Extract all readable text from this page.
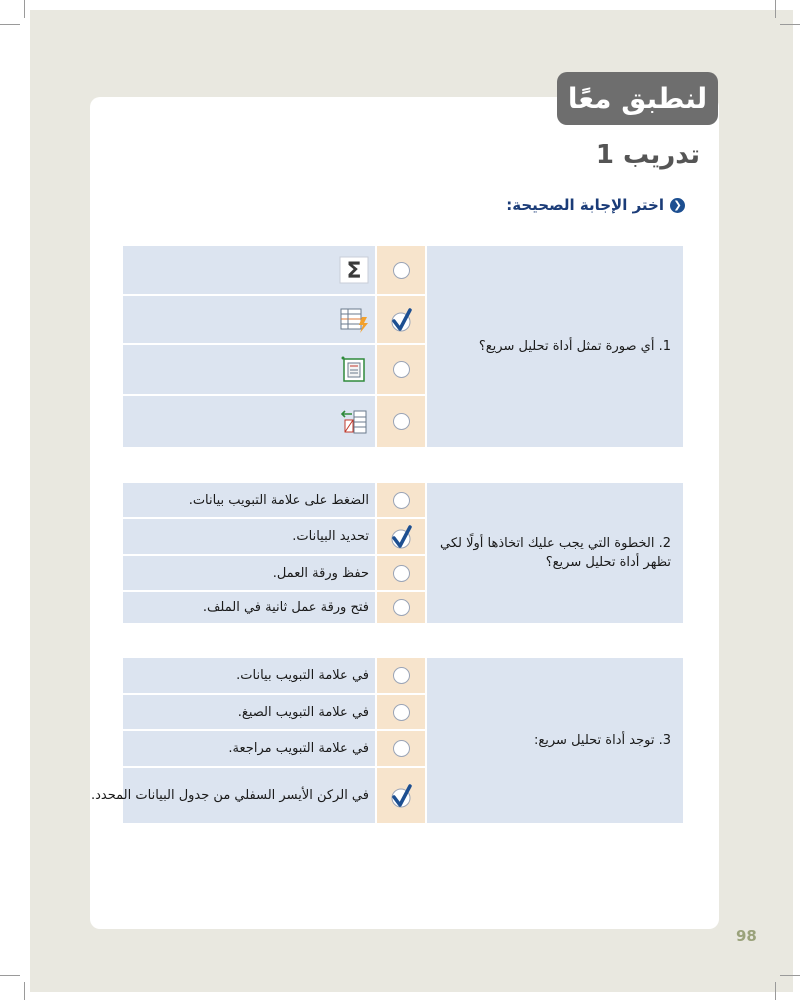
لنطبق معًا
تدريب 1
❮
اختر الإجابة الصحيحة:
1. أي صورة تمثل أداة تحليل سريع؟
Σ
2. الخطوة التي يجب عليك اتخاذها أولًا لكي تظهر أداة تحليل سريع؟
الضغط على علامة التبويب بيانات.
تحديد البيانات.
حفظ ورقة العمل.
فتح ورقة عمل ثانية في الملف.
3. توجد أداة تحليل سريع:
في علامة التبويب بيانات.
في علامة التبويب الصيغ.
في علامة التبويب مراجعة.
في الركن الأيسر السفلي من جدول البيانات المحدد.
98
